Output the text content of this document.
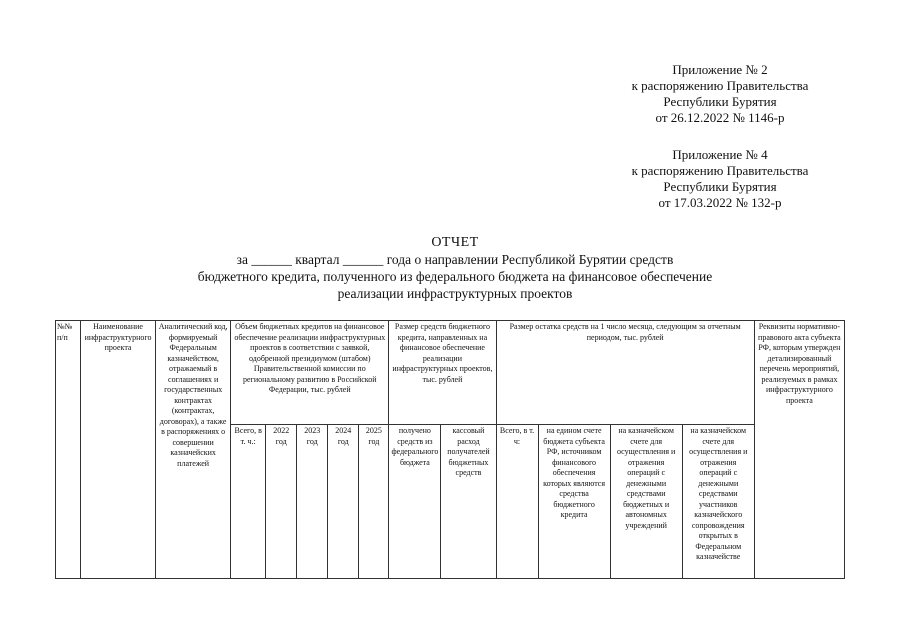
Приложение № 2
к распоряжению Правительства
Республики Бурятия
от 26.12.2022 № 1146-р
Приложение № 4
к распоряжению Правительства
Республики Бурятия
от 17.03.2022 № 132-р
ОТЧЕТ
за ______ квартал ______ года о направлении Республикой Бурятии средств
бюджетного кредита, полученного из федерального бюджета на финансовое обеспечение
реализации инфраструктурных проектов
№№ п/п	Наименование инфраструктурного проекта	Аналитический код, формируемый Федеральным казначейством, отражаемый в соглашениях и государственных контрактах (контрактах, договорах), а также в распоряжениях о совершении казначейских платежей	Объем бюджетных кредитов на финансовое обеспечение реализации инфраструктурных проектов в соответствии с заявкой, одобренной президиумом (штабом) Правительственной комиссии по региональному развитию в Российской Федерации, тыс. рублей					Размер средств бюджетного кредита, направленных на финансовое обеспечение реализации инфраструктурных проектов, тыс. рублей		Размер остатка средств на 1 число месяца, следующим за отчетным периодом, тыс. рублей				Реквизиты нормативно-правового акта субъекта РФ, которым утвержден детализированный перечень мероприятий, реализуемых в рамках инфраструктурного проекта
			Всего, в т. ч.:	2022 год	2023 год	2024 год	2025 год	получено средств из федерального бюджета	кассовый расход получателей бюджетных средств	Всего, в т. ч:	на едином счете бюджета субъекта РФ, источником финансового обеспечения которых являются средства бюджетного кредита	на казначейском счете для осуществления и отражения операций с денежными средствами бюджетных и автономных учреждений	на казначейском счете для осуществления и отражения операций с денежными средствами участников казначейского сопровождения открытых в Федеральном казначействе	
